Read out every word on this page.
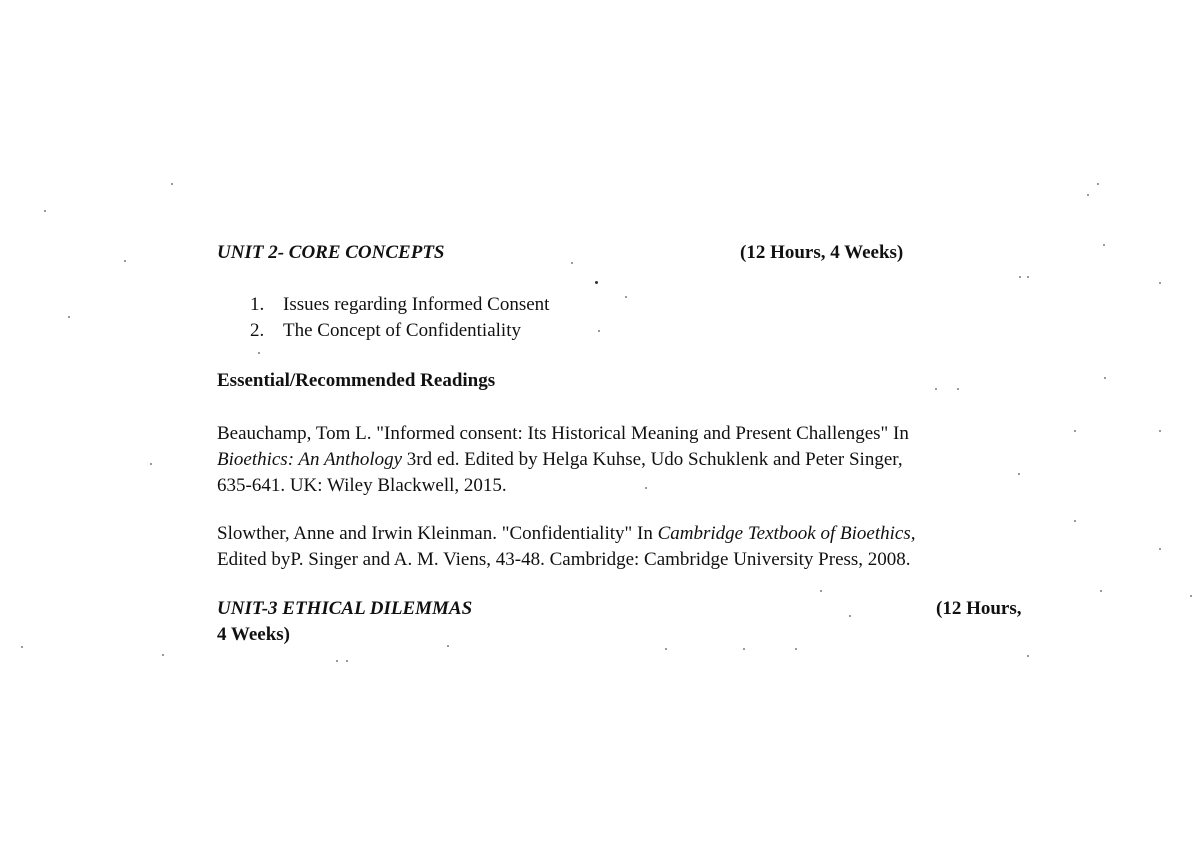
UNIT 2- CORE CONCEPTS	(12 Hours, 4 Weeks)
1. Issues regarding Informed Consent
2. The Concept of Confidentiality
Essential/Recommended Readings
Beauchamp, Tom L. "Informed consent: Its Historical Meaning and Present Challenges" In
Bioethics: An Anthology 3rd ed. Edited by Helga Kuhse, Udo Schuklenk and Peter Singer,
635-641. UK: Wiley Blackwell, 2015.
Slowther, Anne and Irwin Kleinman. "Confidentiality" In Cambridge Textbook of Bioethics,
Edited byP. Singer and A. M. Viens, 43-48. Cambridge: Cambridge University Press, 2008.
UNIT-3 ETHICAL DILEMMAS	(12 Hours,
4 Weeks)
